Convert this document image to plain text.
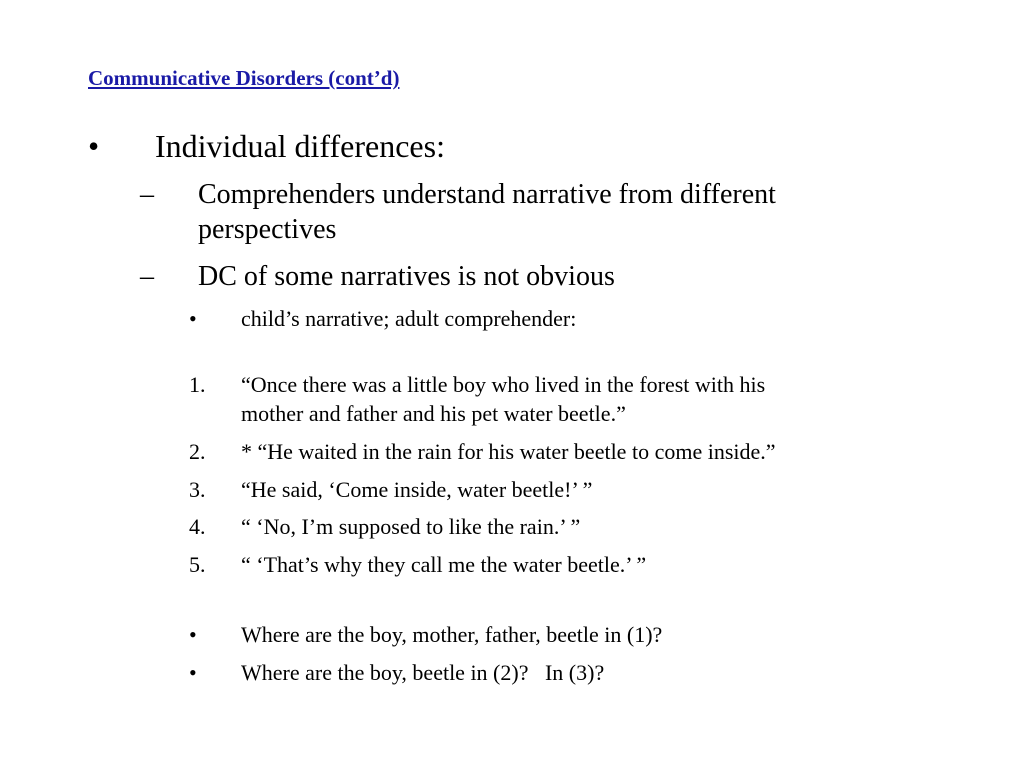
Communicative Disorders (cont’d)
• Individual differences:
– Comprehenders understand narrative from different
perspectives
– DC of some narratives is not obvious
• child’s narrative; adult comprehender:
1. “Once there was a little boy who lived in the forest with his
mother and father and his pet water beetle.”
2. * “He waited in the rain for his water beetle to come inside.”
3. “He said, ‘Come inside, water beetle!’ ”
4. “ ‘No, I’m supposed to like the rain.’ ”
5. “ ‘That’s why they call me the water beetle.’ ”
• Where are the boy, mother, father, beetle in (1)?
• Where are the boy, beetle in (2)?   In (3)?
